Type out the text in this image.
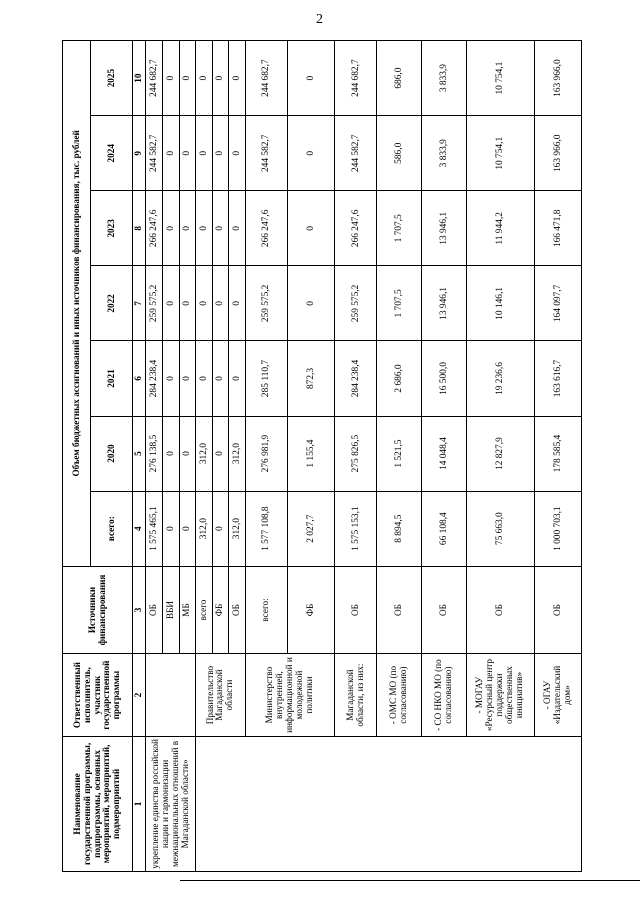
2
Наименование государственной программы, подпрограммы, основных мероприятий, мероприятий, подмероприятий	Ответственный исполнитель, участник государственной программы	Источники финансирования	Объем бюджетных ассигнований и иных источников финансирования, тыс. рублей						
			всего:	2020	2021	2022	2023	2024	2025
1	2	3	4	5	6	7	8	9	10
укрепление единства российской нации и гармонизации межнациональных отношений в Магаданской области»		ОБ	1 575 465,1	276 138,5	284 238,4	259 575,2	266 247,6	244 582,7	244 682,7
		ВБИ	0	0	0	0	0	0	0
		МБ	0	0	0	0	0	0	0
	Правительство Магаданской области	всего	312,0	312,0	0	0	0	0	0
		ФБ	0	0	0	0	0	0	0
		ОБ	312,0	312,0	0	0	0	0	0
	Министерство внутренней, информационной и молодежной политики	всего:	1 577 108,8	276 981,9	285 110,7	259 575,2	266 247,6	244 582,7	244 682,7
		ФБ	2 027,7	1 155,4	872,3	0	0	0	0
	Магаданской области, из них:	ОБ	1 575 153,1	275 826,5	284 238,4	259 575,2	266 247,6	244 582,7	244 682,7
	- ОМС МО (по согласованию)	ОБ	8 894,5	1 521,5	2 686,0	1 707,5	1 707,5	586,0	686,0
	- СО НКО МО (по согласованию)	ОБ	66 108,4	14 048,4	16 500,0	13 946,1	13 946,1	3 833,9	3 833,9
	- МОГАУ «Ресурсный центр поддержки общественных инициатив»	ОБ	75 663,0	12 827,9	19 236,6	10 146,1	11 944,2	10 754,1	10 754,1
	- ОГАУ «Издательский дом»	ОБ	1 000 703,1	178 585,4	163 616,7	164 097,7	166 471,8	163 966,0	163 966,0
